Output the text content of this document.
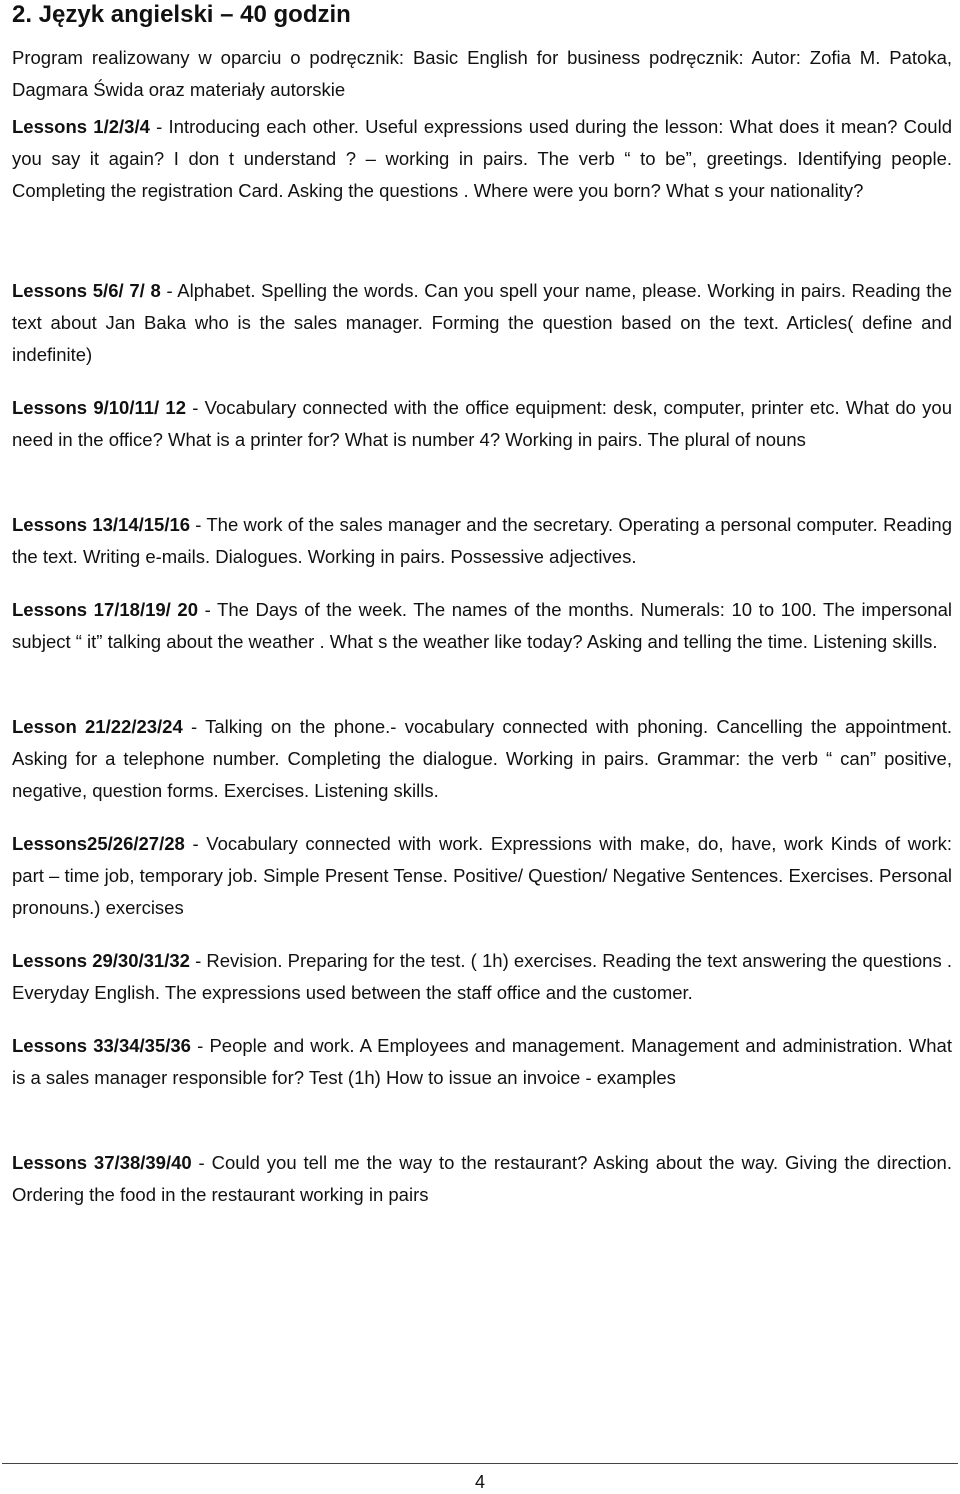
2. Język angielski – 40 godzin

Program realizowany w oparciu o podręcznik: Basic English for business podręcznik: Autor: Zofia M. Patoka, Dagmara Świda oraz materiały autorskie

Lessons 1/2/3/4 - Introducing each other. Useful expressions used during the lesson: What does it mean? Could you say it again? I don t understand ? – working in pairs. The verb “ to be”, greetings. Identifying people. Completing the registration Card. Asking the questions . Where were you born? What s your nationality?

Lessons 5/6/ 7/ 8 - Alphabet. Spelling the words. Can you spell your name, please. Working in pairs. Reading the text about Jan Baka who is the sales manager. Forming the question based on the text. Articles( define and indefinite)

Lessons 9/10/11/ 12 - Vocabulary connected with the office equipment: desk, computer, printer etc. What do you need in the office? What is a printer for? What is number 4? Working in pairs. The plural of nouns

Lessons 13/14/15/16 - The work of the sales manager and the secretary. Operating a personal computer. Reading the text. Writing e-mails. Dialogues. Working in pairs. Possessive adjectives.

Lessons 17/18/19/ 20 - The Days of the week. The names of the months. Numerals: 10 to 100. The impersonal subject “ it” talking about the weather . What s the weather like today? Asking and telling the time. Listening skills.

Lesson 21/22/23/24 - Talking on the phone.- vocabulary connected with phoning. Cancelling the appointment. Asking for a telephone number. Completing the dialogue. Working in pairs. Grammar: the verb “ can” positive, negative, question forms. Exercises. Listening skills.

Lessons25/26/27/28 - Vocabulary connected with work. Expressions with make, do, have, work Kinds of work: part – time job, temporary job. Simple Present Tense. Positive/ Question/ Negative Sentences. Exercises. Personal pronouns.) exercises

Lessons 29/30/31/32 - Revision. Preparing for the test. ( 1h) exercises. Reading the text answering the questions . Everyday English. The expressions used between the staff office and the customer.

Lessons 33/34/35/36 - People and work. A Employees and management. Management and administration. What is a sales manager responsible for? Test (1h) How to issue an invoice - examples

Lessons 37/38/39/40 - Could you tell me the way to the restaurant? Asking about the way. Giving the direction. Ordering the food in the restaurant working in pairs

4
